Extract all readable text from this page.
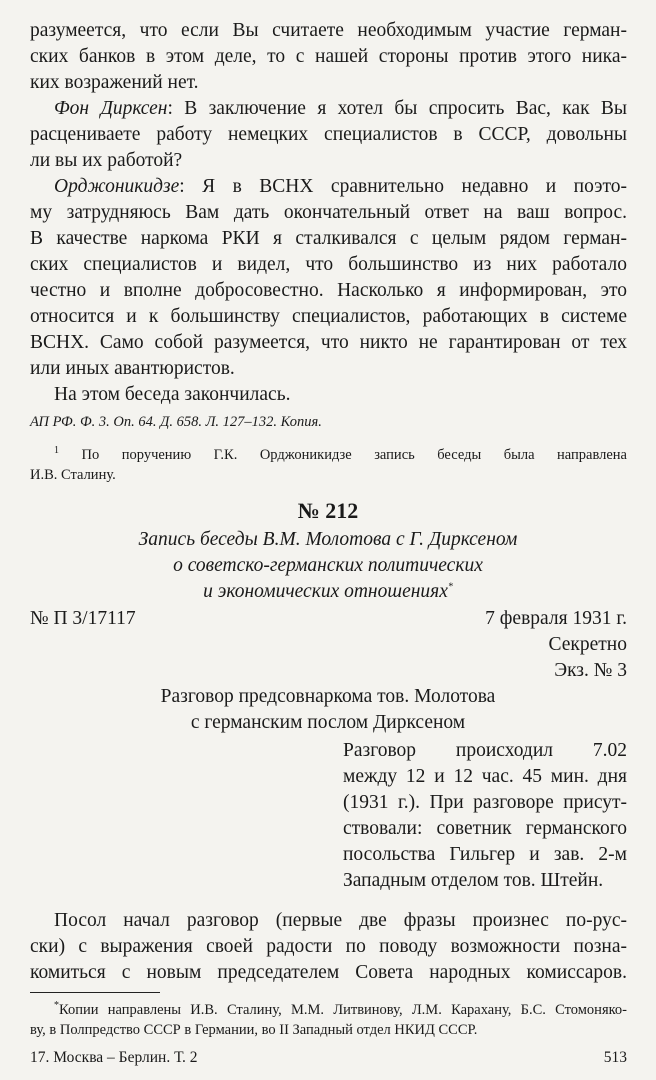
разумеется, что если Вы считаете необходимым участие герман-
ских банков в этом деле, то с нашей стороны против этого ника-
ких возражений нет.
Фон Дирксен: В заключение я хотел бы спросить Вас, как Вы
расцениваете работу немецких специалистов в СССР, довольны
ли вы их работой?
Орджоникидзе: Я в ВСНХ сравнительно недавно и поэто-
му затрудняюсь Вам дать окончательный ответ на ваш вопрос.
В качестве наркома РКИ я сталкивался с целым рядом герман-
ских специалистов и видел, что большинство из них работало
честно и вполне добросовестно. Насколько я информирован, это
относится и к большинству специалистов, работающих в системе
ВСНХ. Само собой разумеется, что никто не гарантирован от тех
или иных авантюристов.
На этом беседа закончилась.
АП РФ. Ф. 3. Оп. 64. Д. 658. Л. 127–132. Копия.
$^1$ По поручению Г.К. Орджоникидзе запись беседы была направлена
И.В. Сталину.
№ 212
Запись беседы В.М. Молотова с Г. Дирксеном
о советско-германских политических
и экономических отношениях*
№ П 3/17117	7 февраля 1931 г.
Секретно
Экз. № 3
Разговор предсовнаркома тов. Молотова
с германским послом Дирксеном
Разговор происходил 7.02
между 12 и 12 час. 45 мин. дня
(1931 г.). При разговоре присут-
ствовали: советник германского
посольства Гильгер и зав. 2-м
Западным отделом тов. Штейн.
Посол начал разговор (первые две фразы произнес по-рус-
ски) с выражения своей радости по поводу возможности позна-
комиться с новым председателем Совета народных комиссаров.
*Копии направлены И.В. Сталину, М.М. Литвинову, Л.М. Карахану, Б.С. Стомоняко-
ву, в Полпредство СССР в Германии, во II Западный отдел НКИД СССР.
17. Москва – Берлин. Т. 2	513
